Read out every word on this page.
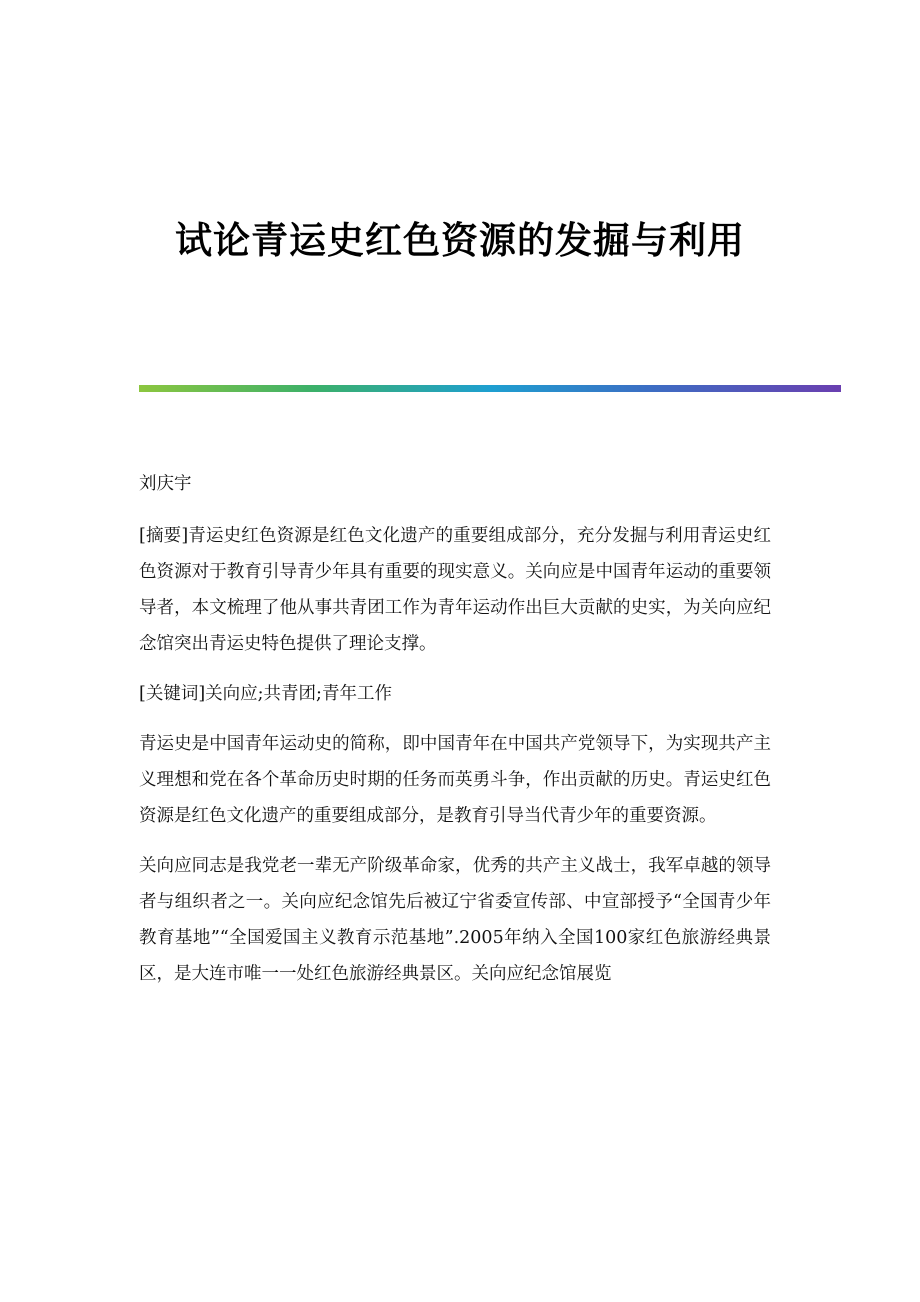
试论青运史红色资源的发掘与利用

刘庆宇

[摘要]青运史红色资源是红色文化遗产的重要组成部分，充分发掘与利用青运史红色资源对于教育引导青少年具有重要的现实意义。关向应是中国青年运动的重要领导者，本文梳理了他从事共青团工作为青年运动作出巨大贡献的史实，为关向应纪念馆突出青运史特色提供了理论支撑。

[关键词]关向应;共青团;青年工作

青运史是中国青年运动史的简称，即中国青年在中国共产党领导下，为实现共产主义理想和党在各个革命历史时期的任务而英勇斗争，作出贡献的历史。青运史红色资源是红色文化遗产的重要组成部分，是教育引导当代青少年的重要资源。

关向应同志是我党老一辈无产阶级革命家，优秀的共产主义战士，我军卓越的领导者与组织者之一。关向应纪念馆先后被辽宁省委宣传部、中宣部授予“全国青少年教育基地”“全国爱国主义教育示范基地”.2005年纳入全国100家红色旅游经典景区，是大连市唯一一处红色旅游经典景区。关向应纪念馆展览
